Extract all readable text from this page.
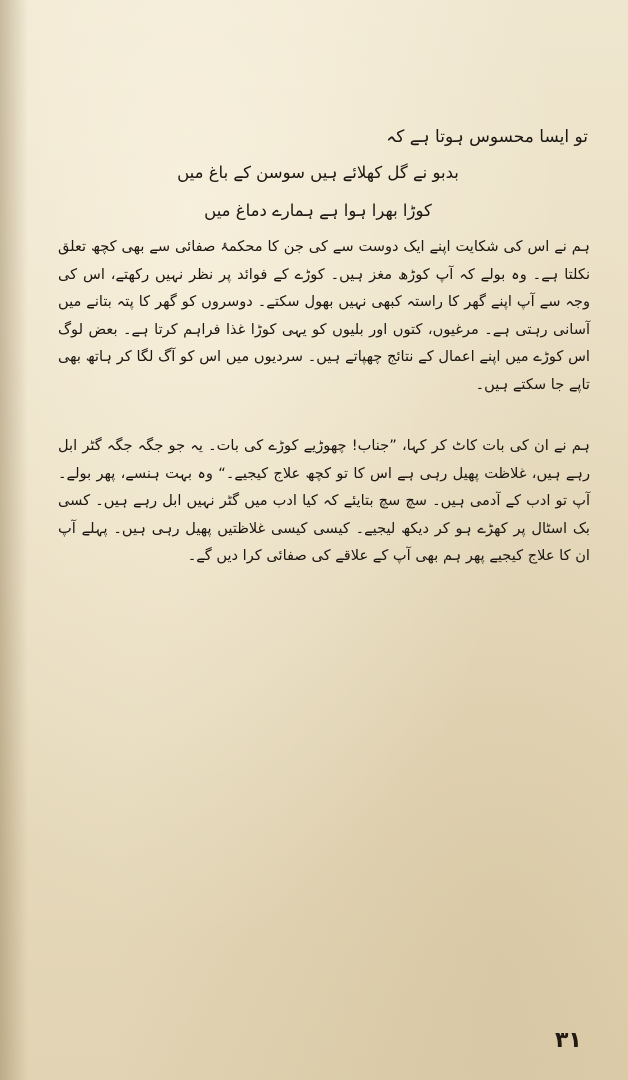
تو ایسا محسوس ہوتا ہے کہ
بدبو نے گل کھلائے ہیں سوسن کے باغ میں
کوڑا بھرا ہوا ہے ہمارے دماغ میں
ہم نے اس کی شکایت اپنے ایک دوست سے کی جن کا محکمۂ صفائی سے بھی کچھ تعلق نکلتا ہے۔ وہ بولے کہ آپ کوڑھ مغز ہیں۔ کوڑے کے فوائد پر نظر نہیں رکھتے، اس کی وجہ سے آپ اپنے گھر کا راستہ کبھی نہیں بھول سکتے۔ دوسروں کو گھر کا پتہ بتانے میں آسانی رہتی ہے۔ مرغیوں، کتوں اور بلیوں کو یہی کوڑا غذا فراہم کرتا ہے۔ بعض لوگ اس کوڑے میں اپنے اعمال کے نتائج چھپاتے ہیں۔ سردیوں میں اس کو آگ لگا کر ہاتھ بھی تاپے جا سکتے ہیں۔
ہم نے ان کی بات کاٹ کر کہا، ”جناب! چھوڑیے کوڑے کی بات۔ یہ جو جگہ جگہ گٹر ابل رہے ہیں، غلاظت پھیل رہی ہے اس کا تو کچھ علاج کیجیے۔“ وہ بہت ہنسے، پھر بولے۔ آپ تو ادب کے آدمی ہیں۔ سچ سچ بتایئے کہ کیا ادب میں گٹر نہیں ابل رہے ہیں۔ کسی بک اسٹال پر کھڑے ہو کر دیکھ لیجیے۔ کیسی کیسی غلاظتیں پھیل رہی ہیں۔ پہلے آپ ان کا علاج کیجیے پھر ہم بھی آپ کے علاقے کی صفائی کرا دیں گے۔
۳۱
